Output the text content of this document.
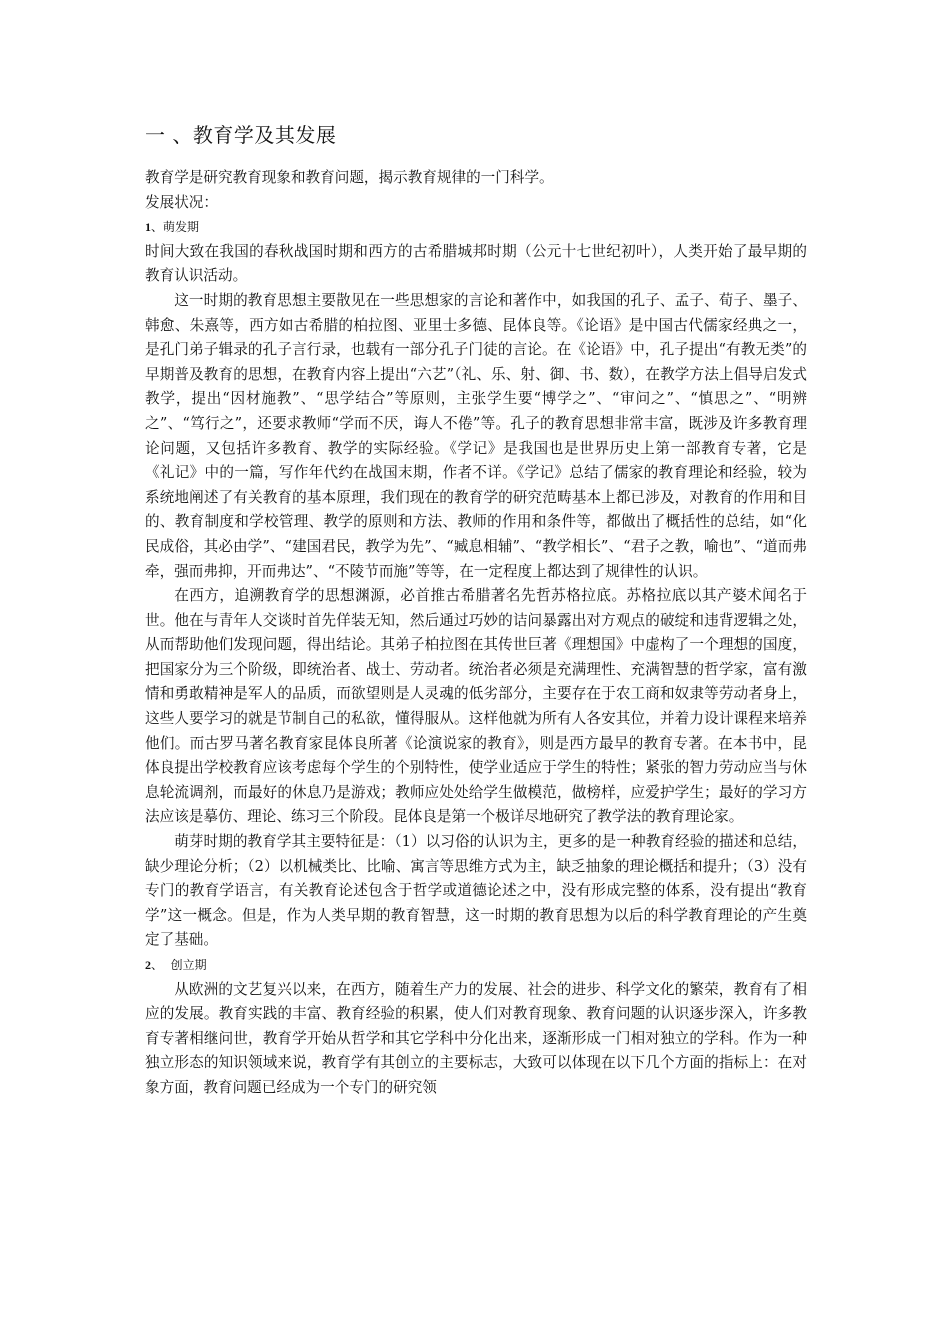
一 、教育学及其发展

教育学是研究教育现象和教育问题，揭示教育规律的一门科学。

发展状况：

1、萌发期

时间大致在我国的春秋战国时期和西方的古希腊城邦时期（公元十七世纪初叶），人类开始了最早期的教育认识活动。

这一时期的教育思想主要散见在一些思想家的言论和著作中，如我国的孔子、孟子、荀子、墨子、韩愈、朱熹等，西方如古希腊的柏拉图、亚里士多德、昆体良等。《论语》是中国古代儒家经典之一，是孔门弟子辑录的孔子言行录，也载有一部分孔子门徒的言论。在《论语》中，孔子提出“有教无类”的早期普及教育的思想，在教育内容上提出“六艺”（礼、乐、射、御、书、数），在教学方法上倡导启发式教学，提出“因材施教”、“思学结合”等原则，主张学生要“博学之”、“审问之”、“慎思之”、“明辨之”、“笃行之”，还要求教师“学而不厌，诲人不倦”等。孔子的教育思想非常丰富，既涉及许多教育理论问题，又包括许多教育、教学的实际经验。《学记》是我国也是世界历史上第一部教育专著，它是《礼记》中的一篇，写作年代约在战国末期，作者不详。《学记》总结了儒家的教育理论和经验，较为系统地阐述了有关教育的基本原理，我们现在的教育学的研究范畴基本上都已涉及，对教育的作用和目的、教育制度和学校管理、教学的原则和方法、教师的作用和条件等，都做出了概括性的总结，如“化民成俗，其必由学”、“建国君民，教学为先”、“臧息相辅”、“教学相长”、“君子之教，喻也”、“道而弗牵，强而弗抑，开而弗达”、“不陵节而施”等等，在一定程度上都达到了规律性的认识。

在西方，追溯教育学的思想渊源，必首推古希腊著名先哲苏格拉底。苏格拉底以其产婆术闻名于世。他在与青年人交谈时首先佯装无知，然后通过巧妙的诘问暴露出对方观点的破绽和违背逻辑之处，从而帮助他们发现问题，得出结论。其弟子柏拉图在其传世巨著《理想国》中虚构了一个理想的国度，把国家分为三个阶级，即统治者、战士、劳动者。统治者必须是充满理性、充满智慧的哲学家，富有激情和勇敢精神是军人的品质，而欲望则是人灵魂的低劣部分，主要存在于农工商和奴隶等劳动者身上，这些人要学习的就是节制自己的私欲，懂得服从。这样他就为所有人各安其位，并着力设计课程来培养他们。而古罗马著名教育家昆体良所著《论演说家的教育》，则是西方最早的教育专著。在本书中，昆体良提出学校教育应该考虑每个学生的个别特性，使学业适应于学生的特性；紧张的智力劳动应当与休息轮流调剂，而最好的休息乃是游戏；教师应处处给学生做模范，做榜样，应爱护学生；最好的学习方法应该是摹仿、理论、练习三个阶段。昆体良是第一个极详尽地研究了教学法的教育理论家。

萌芽时期的教育学其主要特征是：（1）以习俗的认识为主，更多的是一种教育经验的描述和总结，缺少理论分析；（2）以机械类比、比喻、寓言等思维方式为主，缺乏抽象的理论概括和提升；（3）没有专门的教育学语言，有关教育论述包含于哲学或道德论述之中，没有形成完整的体系，没有提出“教育学”这一概念。但是，作为人类早期的教育智慧，这一时期的教育思想为以后的科学教育理论的产生奠定了基础。

2、  创立期

从欧洲的文艺复兴以来，在西方，随着生产力的发展、社会的进步、科学文化的繁荣，教育有了相应的发展。教育实践的丰富、教育经验的积累，使人们对教育现象、教育问题的认识逐步深入，许多教育专著相继问世，教育学开始从哲学和其它学科中分化出来，逐渐形成一门相对独立的学科。作为一种独立形态的知识领域来说，教育学有其创立的主要标志，大致可以体现在以下几个方面的指标上：在对象方面，教育问题已经成为一个专门的研究领
